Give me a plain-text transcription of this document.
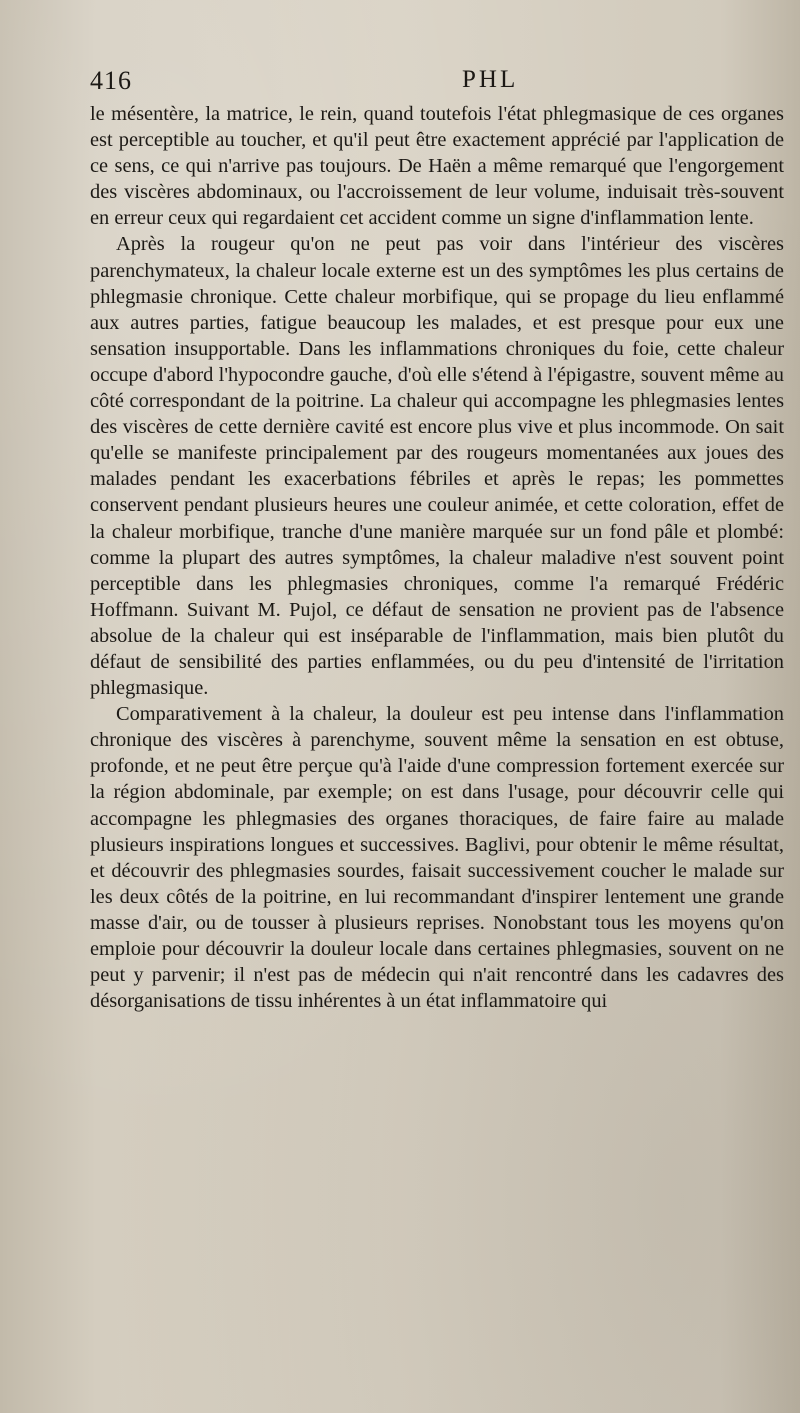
416	PHL

le mésentère, la matrice, le rein, quand toutefois l'état phlegmasique de ces organes est perceptible au toucher, et qu'il peut être exactement apprécié par l'application de ce sens, ce qui n'arrive pas toujours. De Haën a même remarqué que l'engorgement des viscères abdominaux, ou l'accroissement de leur volume, induisait très-souvent en erreur ceux qui regardaient cet accident comme un signe d'inflammation lente.

Après la rougeur qu'on ne peut pas voir dans l'intérieur des viscères parenchymateux, la chaleur locale externe est un des symptômes les plus certains de phlegmasie chronique. Cette chaleur morbifique, qui se propage du lieu enflammé aux autres parties, fatigue beaucoup les malades, et est presque pour eux une sensation insupportable. Dans les inflammations chroniques du foie, cette chaleur occupe d'abord l'hypocondre gauche, d'où elle s'étend à l'épigastre, souvent même au côté correspondant de la poitrine. La chaleur qui accompagne les phlegmasies lentes des viscères de cette dernière cavité est encore plus vive et plus incommode. On sait qu'elle se manifeste principalement par des rougeurs momentanées aux joues des malades pendant les exacerbations fébriles et après le repas; les pommettes conservent pendant plusieurs heures une couleur animée, et cette coloration, effet de la chaleur morbifique, tranche d'une manière marquée sur un fond pâle et plombé: comme la plupart des autres symptômes, la chaleur maladive n'est souvent point perceptible dans les phlegmasies chroniques, comme l'a remarqué Frédéric Hoffmann. Suivant M. Pujol, ce défaut de sensation ne provient pas de l'absence absolue de la chaleur qui est inséparable de l'inflammation, mais bien plutôt du défaut de sensibilité des parties enflammées, ou du peu d'intensité de l'irritation phlegmasique.

Comparativement à la chaleur, la douleur est peu intense dans l'inflammation chronique des viscères à parenchyme, souvent même la sensation en est obtuse, profonde, et ne peut être perçue qu'à l'aide d'une compression fortement exercée sur la région abdominale, par exemple; on est dans l'usage, pour découvrir celle qui accompagne les phlegmasies des organes thoraciques, de faire faire au malade plusieurs inspirations longues et successives. Baglivi, pour obtenir le même résultat, et découvrir des phlegmasies sourdes, faisait successivement coucher le malade sur les deux côtés de la poitrine, en lui recommandant d'inspirer lentement une grande masse d'air, ou de tousser à plusieurs reprises. Nonobstant tous les moyens qu'on emploie pour découvrir la douleur locale dans certaines phlegmasies, souvent on ne peut y parvenir; il n'est pas de médecin qui n'ait rencontré dans les cadavres des désorganisations de tissu inhérentes à un état inflammatoire qui
